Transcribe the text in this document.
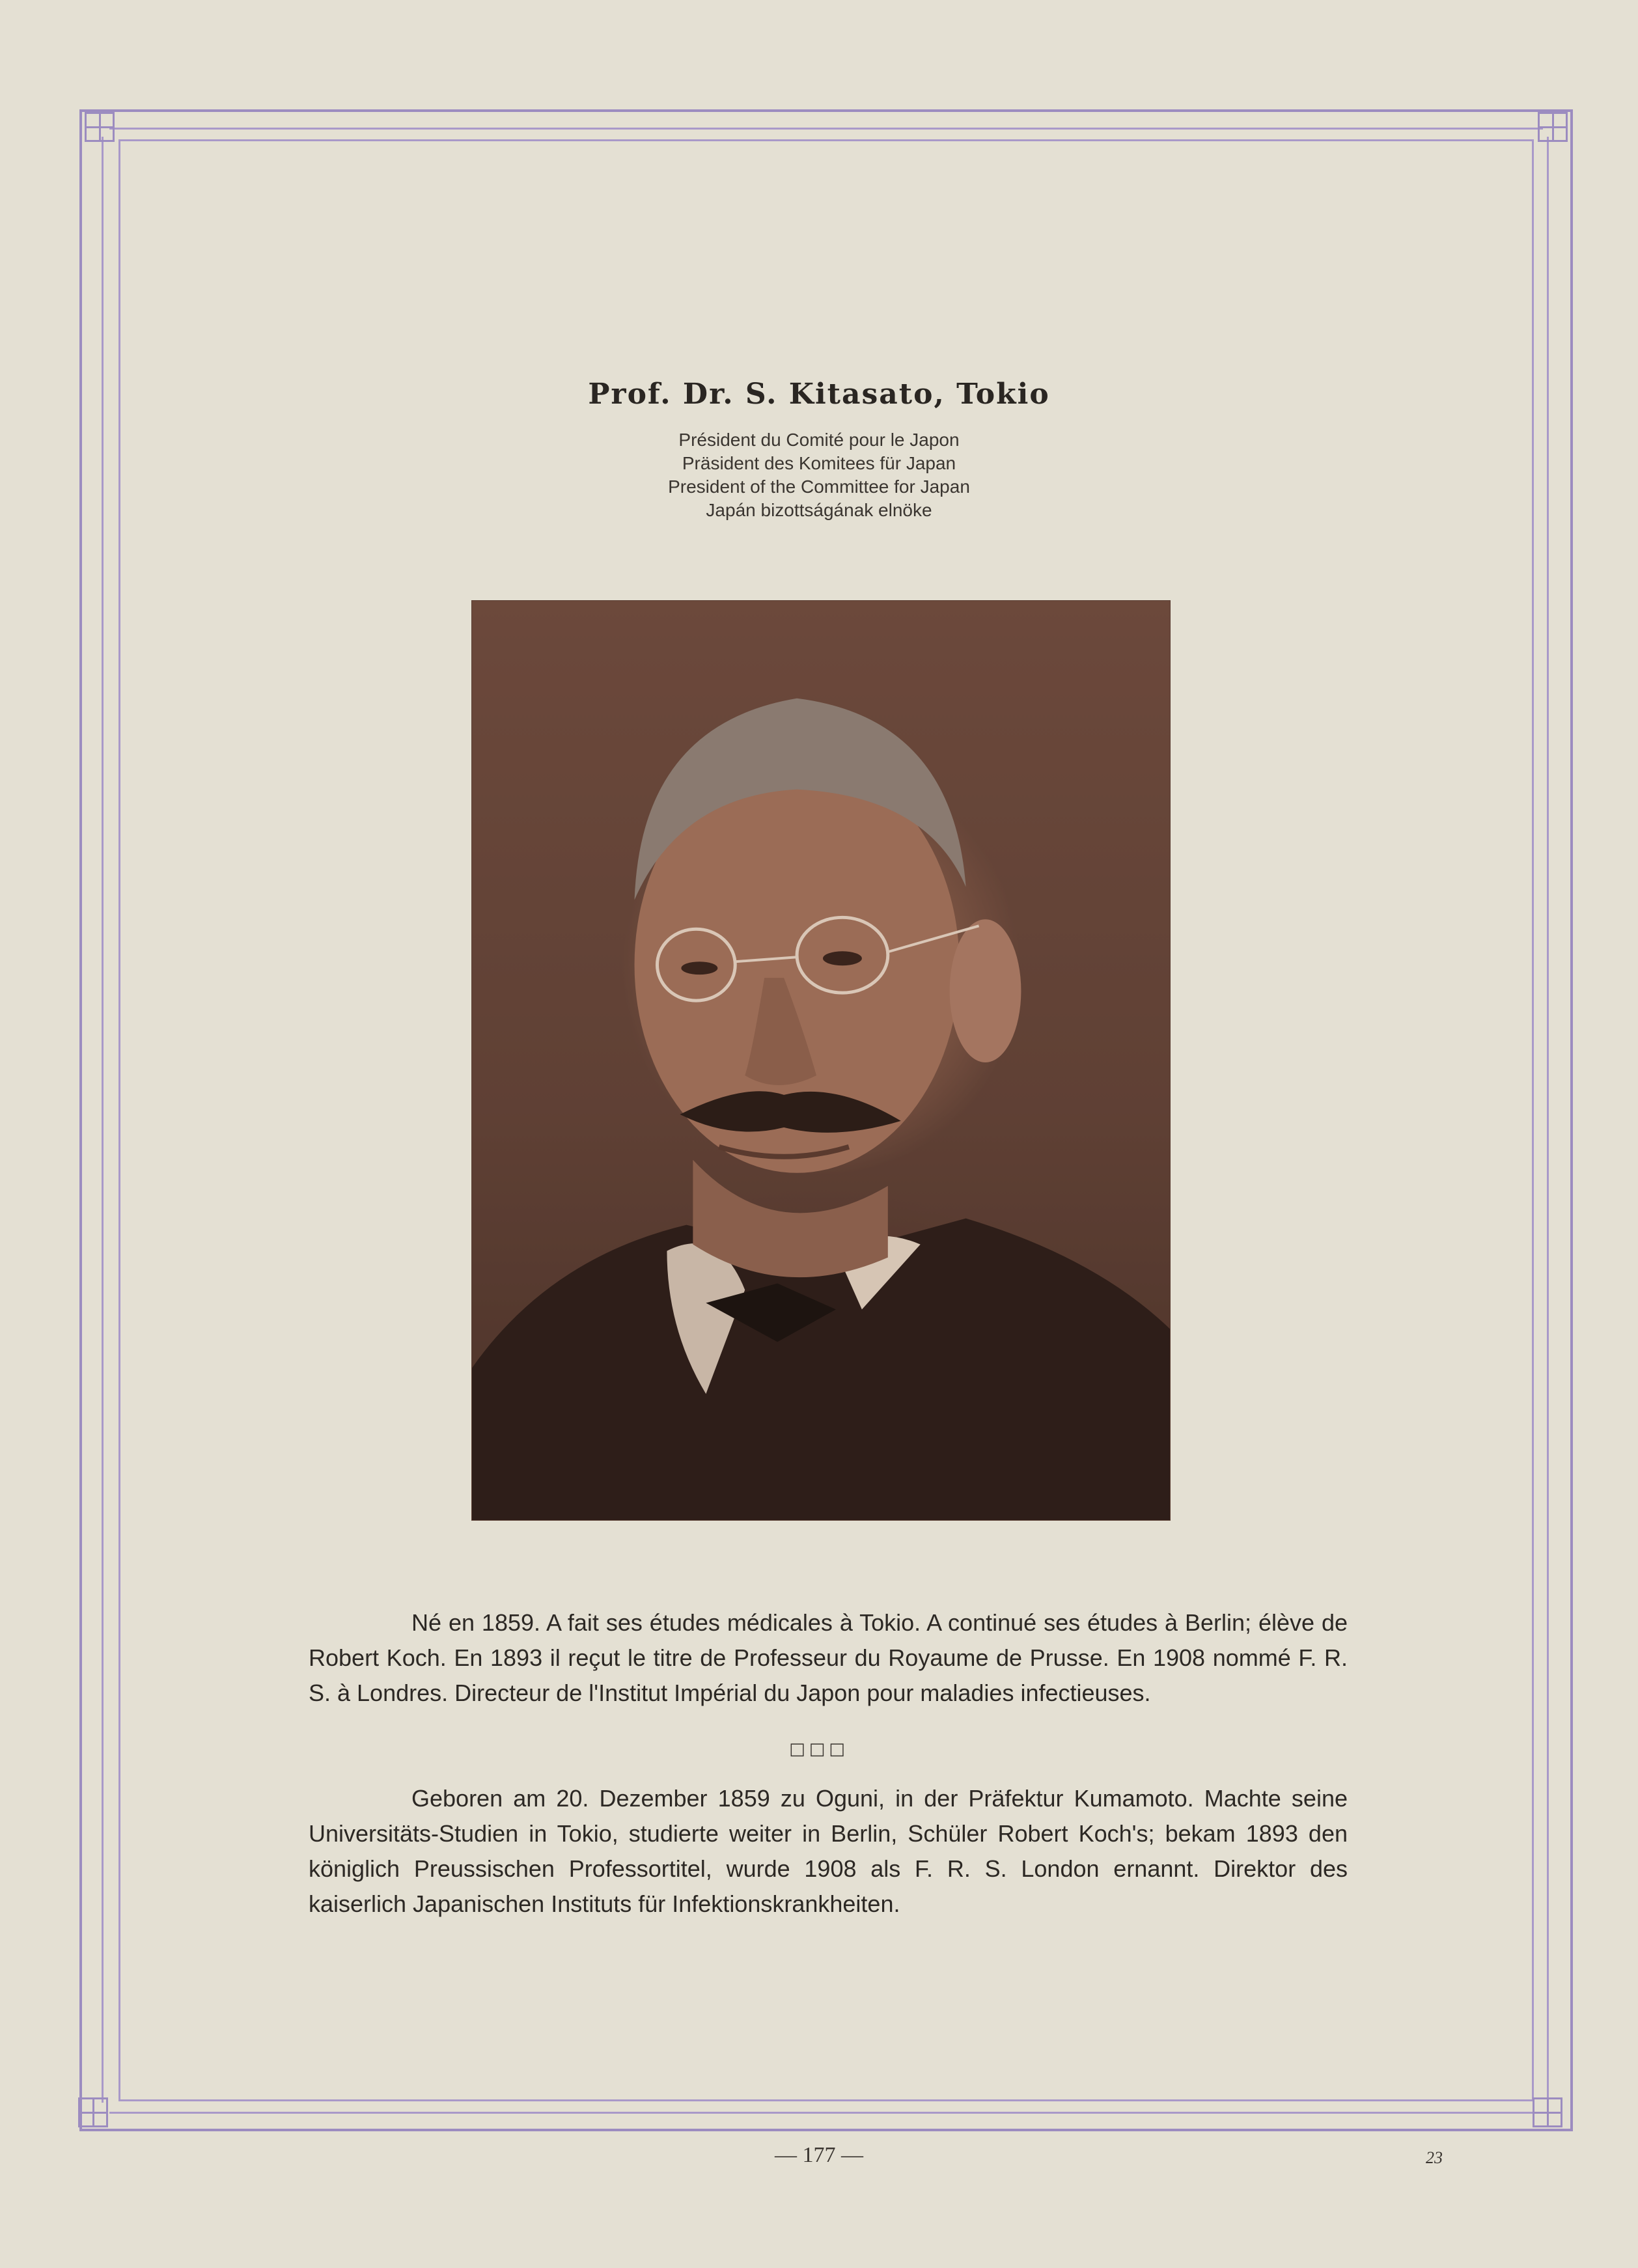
Prof. Dr. S. Kitasato, Tokio
Président du Comité pour le Japon
Präsident des Komitees für Japan
President of the Committee for Japan
Japán bizottságának elnöke

Né en 1859. A fait ses études médicales à Tokio. A continué ses études à Berlin; élève de Robert Koch. En 1893 il reçut le titre de Professeur du Royaume de Prusse. En 1908 nommé F. R. S. à Londres. Directeur de l'Institut Impérial du Japon pour maladies infectieuses.

□□□

Geboren am 20. Dezember 1859 zu Oguni, in der Präfektur Kumamoto. Machte seine Universitäts-Studien in Tokio, studierte weiter in Berlin, Schüler Robert Koch's; bekam 1893 den königlich Preussischen Professortitel, wurde 1908 als F. R. S. London ernannt. Direktor des kaiserlich Japanischen Instituts für Infektionskrankheiten.

— 177 —	23
